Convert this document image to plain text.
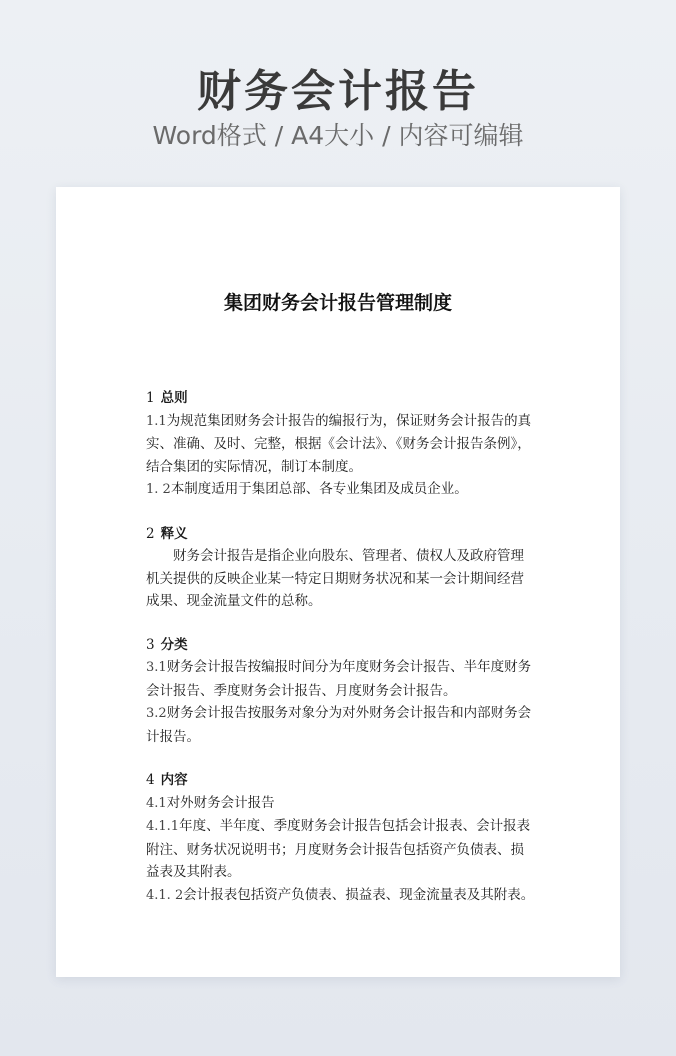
财务会计报告
Word格式 / A4大小 / 内容可编辑
集团财务会计报告管理制度

1 总则

1.1为规范集团财务会计报告的编报行为，保证财务会计报告的真实、准确、及时、完整，根据《会计法》、《财务会计报告条例》，结合集团的实际情况，制订本制度。

1. 2本制度适用于集团总部、各专业集团及成员企业。

2 释义

财务会计报告是指企业向股东、管理者、债权人及政府管理机关提供的反映企业某一特定日期财务状况和某一会计期间经营成果、现金流量文件的总称。

3 分类

3.1财务会计报告按编报时间分为年度财务会计报告、半年度财务会计报告、季度财务会计报告、月度财务会计报告。

3.2财务会计报告按服务对象分为对外财务会计报告和内部财务会计报告。

4 内容

4.1对外财务会计报告

4.1.1年度、半年度、季度财务会计报告包括会计报表、会计报表附注、财务状况说明书；月度财务会计报告包括资产负债表、损益表及其附表。

4.1. 2会计报表包括资产负债表、损益表、现金流量表及其附表。
